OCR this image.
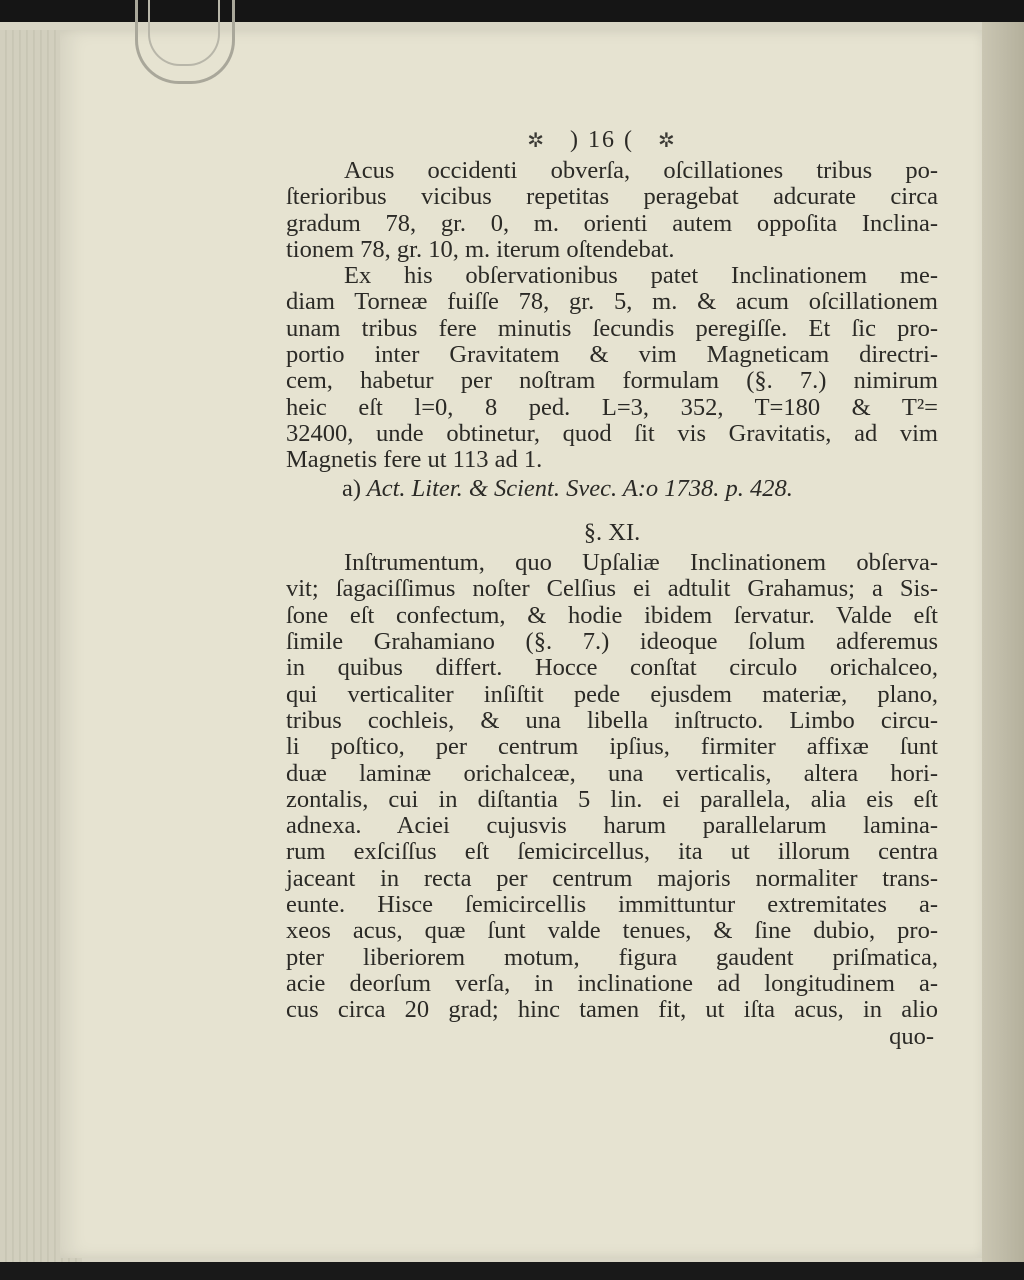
✲ ) 16 ( ✲
Acus occidenti obverſa, oſcillationes tribus po-
ſterioribus vicibus repetitas peragebat adcurate circa
gradum 78, gr. 0, m. orienti autem oppoſita Inclina-
tionem 78, gr. 10, m. iterum oſtendebat.
Ex his obſervationibus patet Inclinationem me-
diam Torneæ fuiſſe 78, gr. 5, m. & acum oſcillationem
unam tribus fere minutis ſecundis peregiſſe. Et ſic pro-
portio inter Gravitatem & vim Magneticam directri-
cem, habetur per noſtram formulam (§. 7.) nimirum
heic eſt l=0, 8 ped. L=3, 352, T=180 & T²=
32400, unde obtinetur, quod ſit vis Gravitatis, ad vim
Magnetis fere ut 113 ad 1.
a) Act. Liter. & Scient. Svec. A:o 1738. p. 428.
§. XI.
Inſtrumentum, quo Upſaliæ Inclinationem obſerva-
vit; ſagaciſſimus noſter Celſius ei adtulit Grahamus; a Sis-
ſone eſt confectum, & hodie ibidem ſervatur. Valde eſt
ſimile Grahamiano (§. 7.) ideoque ſolum adferemus
in quibus differt. Hocce conſtat circulo orichalceo,
qui verticaliter inſiſtit pede ejusdem materiæ, plano,
tribus cochleis, & una libella inſtructo. Limbo circu-
li poſtico, per centrum ipſius, firmiter affixæ ſunt
duæ laminæ orichalceæ, una verticalis, altera hori-
zontalis, cui in diſtantia 5 lin. ei parallela, alia eis eſt
adnexa. Aciei cujusvis harum parallelarum lamina-
rum exſciſſus eſt ſemicircellus, ita ut illorum centra
jaceant in recta per centrum majoris normaliter trans-
eunte. Hisce ſemicircellis immittuntur extremitates a-
xeos acus, quæ ſunt valde tenues, & ſine dubio, pro-
pter liberiorem motum, figura gaudent priſmatica,
acie deorſum verſa, in inclinatione ad longitudinem a-
cus circa 20 grad; hinc tamen fit, ut iſta acus, in alio
quo-
